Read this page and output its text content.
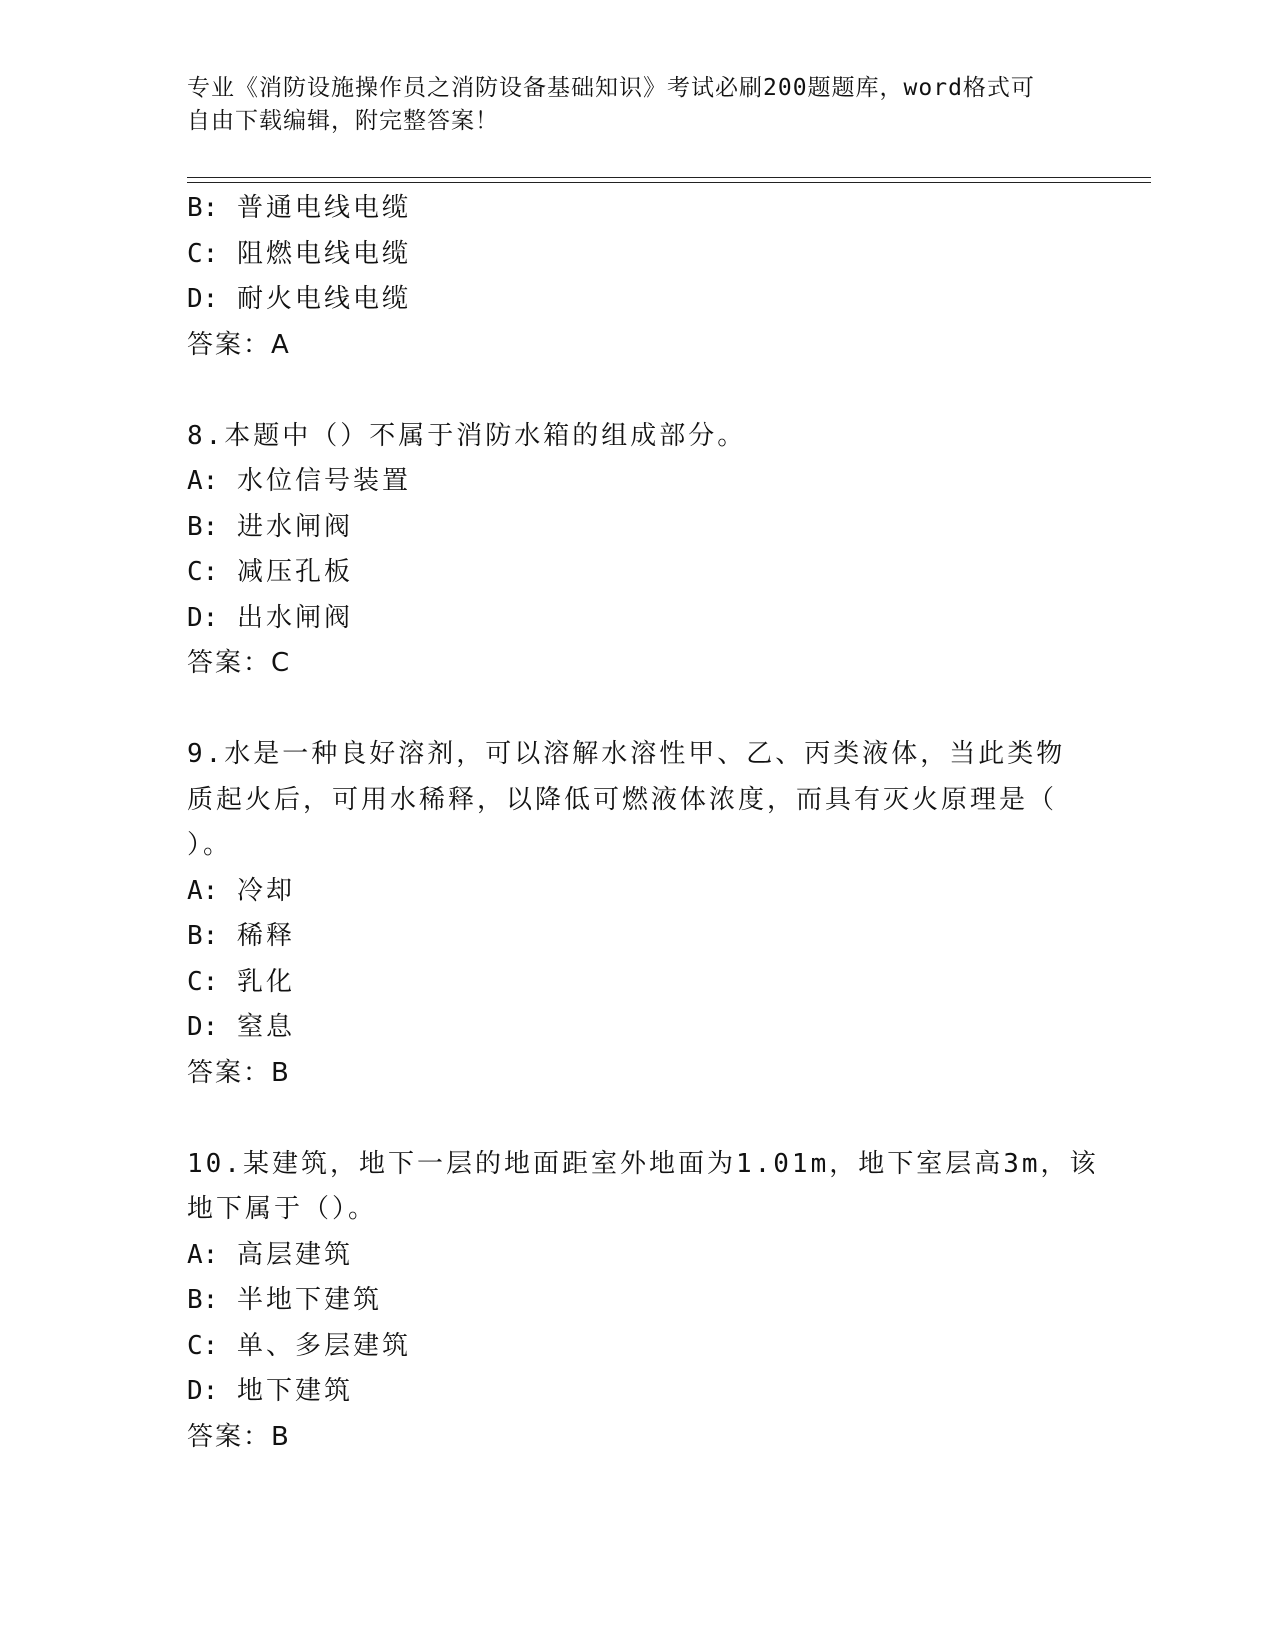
专业《消防设施操作员之消防设备基础知识》考试必刷200题题库，word格式可
自由下载编辑，附完整答案！
B: 普通电线电缆
C: 阻燃电线电缆
D: 耐火电线电缆
答案：A
8.本题中（）不属于消防水箱的组成部分。
A: 水位信号装置
B: 进水闸阀
C: 减压孔板
D: 出水闸阀
答案：C
9.水是一种良好溶剂，可以溶解水溶性甲、乙、丙类液体，当此类物
质起火后，可用水稀释，以降低可燃液体浓度，而具有灭火原理是（
）。
A: 冷却
B: 稀释
C: 乳化
D: 窒息
答案：B
10.某建筑，地下一层的地面距室外地面为1.01m，地下室层高3m，该
地下属于（）。
A: 高层建筑
B: 半地下建筑
C: 单、多层建筑
D: 地下建筑
答案：B
